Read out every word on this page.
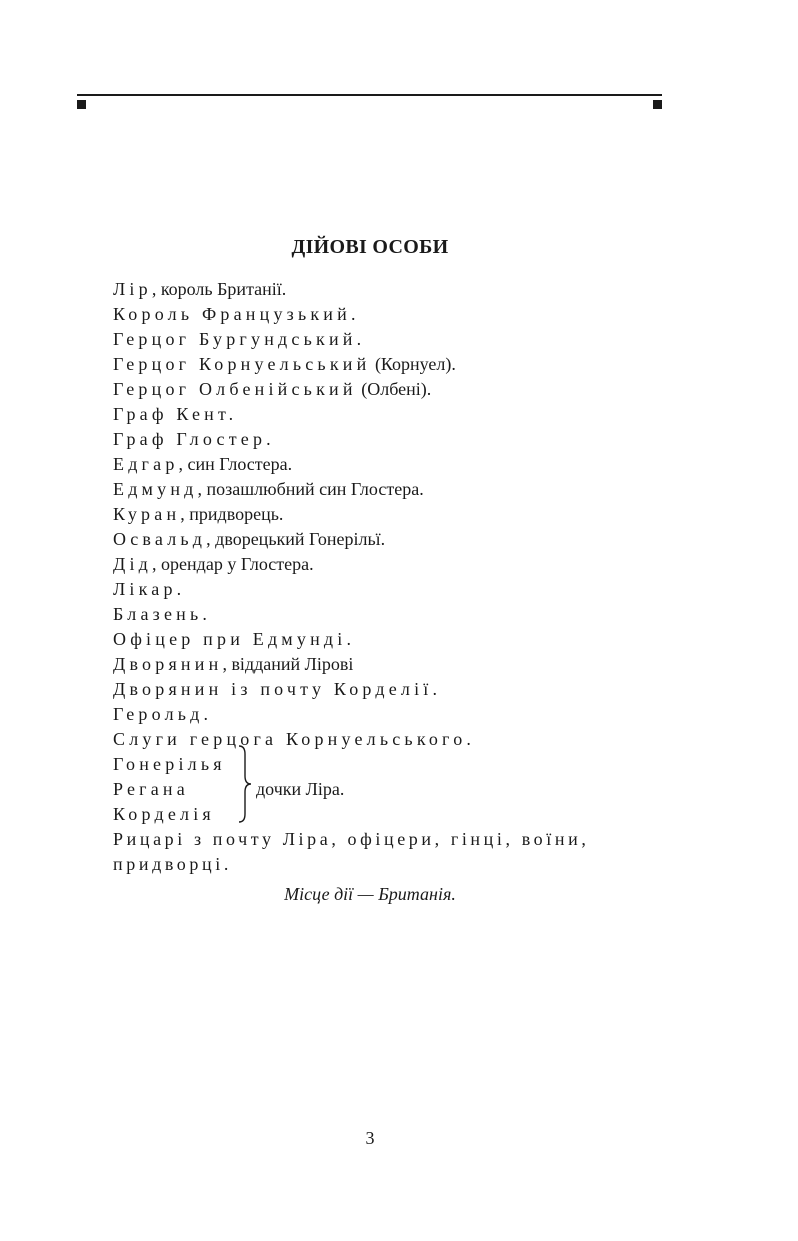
ДІЙОВІ ОСОБИ
Лір, король Британії.
Король Французький.
Герцог Бургундський.
Герцог Корнуельський (Корнуел).
Герцог Олбенійський (Олбені).
Граф Кент.
Граф Глостер.
Едгар, син Глостера.
Едмунд, позашлюбний син Глостера.
Куран, придворець.
Освальд, дворецький Гонерільї.
Дід, орендар у Глостера.
Лікар.
Блазень.
Офіцер при Едмунді.
Дворянин, відданий Лірові
Дворянин із почту Корделії.
Герольд.
Слуги герцога Корнуельського.
Гонерілья
Регана
Корделія
дочки Ліра.
Рицарі з почту Ліра, офіцери, гінці, воїни,
придворці.
Місце дії — Британія.
3
